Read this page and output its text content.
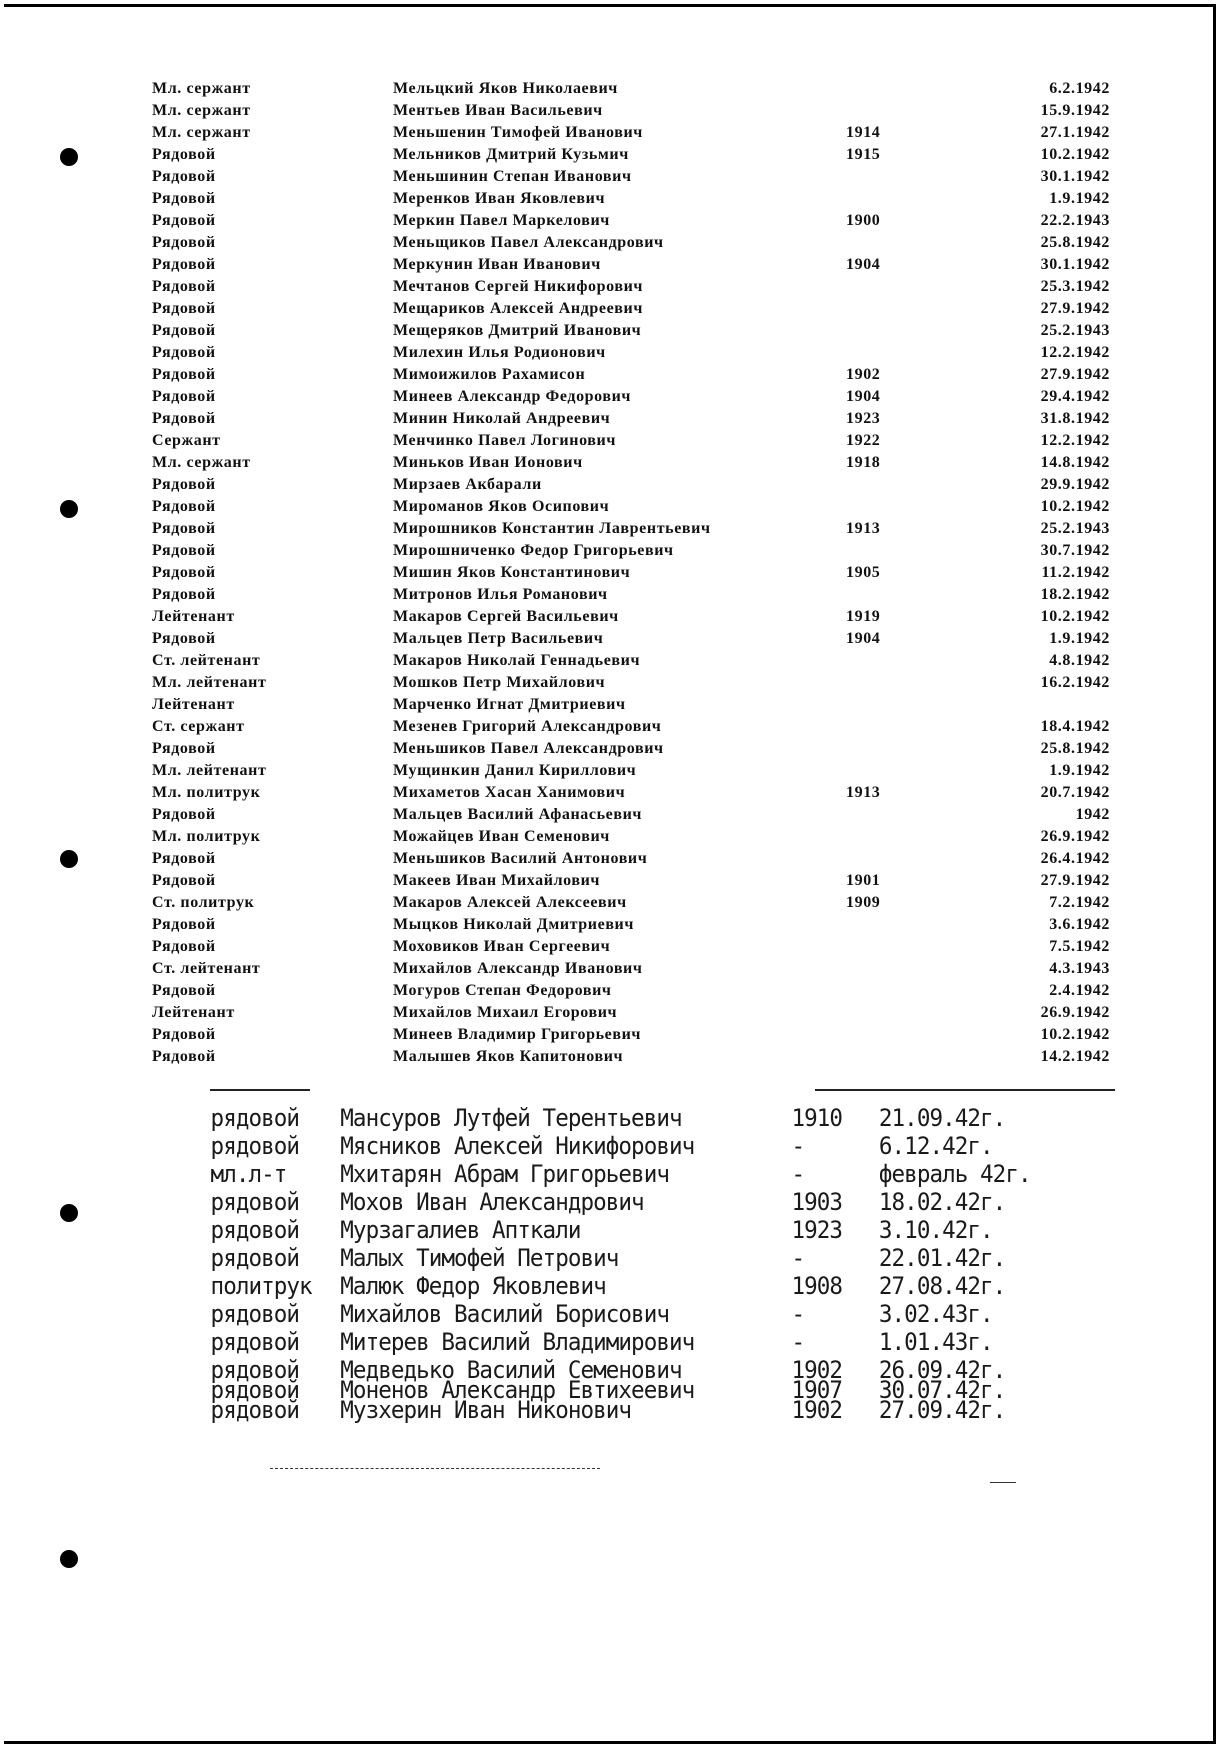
Мл. сержант	Мельцкий Яков Николаевич	6.2.1942
Мл. сержант	Ментьев Иван Васильевич	15.9.1942
Мл. сержант	Меньшенин Тимофей Иванович	1914	27.1.1942
Рядовой	Мельников Дмитрий Кузьмич	1915	10.2.1942
Рядовой	Меньшинин Степан Иванович	30.1.1942
Рядовой	Меренков Иван Яковлевич	1.9.1942
Рядовой	Меркин Павел Маркелович	1900	22.2.1943
Рядовой	Меньщиков Павел Александрович	25.8.1942
Рядовой	Меркунин Иван Иванович	1904	30.1.1942
Рядовой	Мечтанов Сергей Никифорович	25.3.1942
Рядовой	Мещариков Алексей Андреевич	27.9.1942
Рядовой	Мещеряков Дмитрий Иванович	25.2.1943
Рядовой	Милехин Илья Родионович	12.2.1942
Рядовой	Мимоижилов Рахамисон	1902	27.9.1942
Рядовой	Минеев Александр Федорович	1904	29.4.1942
Рядовой	Минин Николай Андреевич	1923	31.8.1942
Сержант	Менчинко Павел Логинович	1922	12.2.1942
Мл. сержант	Миньков Иван Ионович	1918	14.8.1942
Рядовой	Мирзаев Акбарали	29.9.1942
Рядовой	Мироманов Яков Осипович	10.2.1942
Рядовой	Мирошников Константин Лаврентьевич	1913	25.2.1943
Рядовой	Мирошниченко Федор Григорьевич	30.7.1942
Рядовой	Мишин Яков Константинович	1905	11.2.1942
Рядовой	Митронов Илья Романович	18.2.1942
Лейтенант	Макаров Сергей Васильевич	1919	10.2.1942
Рядовой	Мальцев Петр Васильевич	1904	1.9.1942
Ст. лейтенант	Макаров Николай Геннадьевич	4.8.1942
Мл. лейтенант	Мошков Петр Михайлович	16.2.1942
Лейтенант	Марченко Игнат Дмитриевич
Ст. сержант	Мезенев Григорий Александрович	18.4.1942
Рядовой	Меньшиков Павел Александрович	25.8.1942
Мл. лейтенант	Мущинкин Данил Кириллович	1.9.1942
Мл. политрук	Михаметов Хасан Ханимович	1913	20.7.1942
Рядовой	Мальцев Василий Афанасьевич	1942
Мл. политрук	Можайцев Иван Семенович	26.9.1942
Рядовой	Меньшиков Василий Антонович	26.4.1942
Рядовой	Макеев Иван Михайлович	1901	27.9.1942
Ст. политрук	Макаров Алексей Алексеевич	1909	7.2.1942
Рядовой	Мыцков Николай Дмитриевич	3.6.1942
Рядовой	Моховиков Иван Сергеевич	7.5.1942
Ст. лейтенант	Михайлов Александр Иванович	4.3.1943
Рядовой	Могуров Степан Федорович	2.4.1942
Лейтенант	Михайлов Михаил Егорович	26.9.1942
Рядовой	Минеев Владимир Григорьевич	10.2.1942
Рядовой	Малышев Яков Капитонович	14.2.1942
рядовой Мансуров Лутфей Терентьевич	1910 21.09.42г.
рядовой Мясников Алексей Никифорович	-	6.12.42г.
мл.л-т Мхитарян Абрам Григорьевич	-	февраль 42г.
рядовой Мохов Иван Александрович	1903 18.02.42г.
рядовой Мурзагалиев Апткали	1923 3.10.42г.
рядовой Малых Тимофей Петрович	-	22.01.42г.
политрук Малюк Федор Яковлевич	1908 27.08.42г.
рядовой Михайлов Василий Борисович	-	3.02.43г.
рядовой Митерев Василий Владимирович	-	1.01.43г.
рядовой Медведько Василий Семенович	1902 26.09.42г.
рядовой Моненов Александр Евтихеевич	1907 30.07.42г.
рядовой Музхерин Иван Никонович	1902 27.09.42г.
